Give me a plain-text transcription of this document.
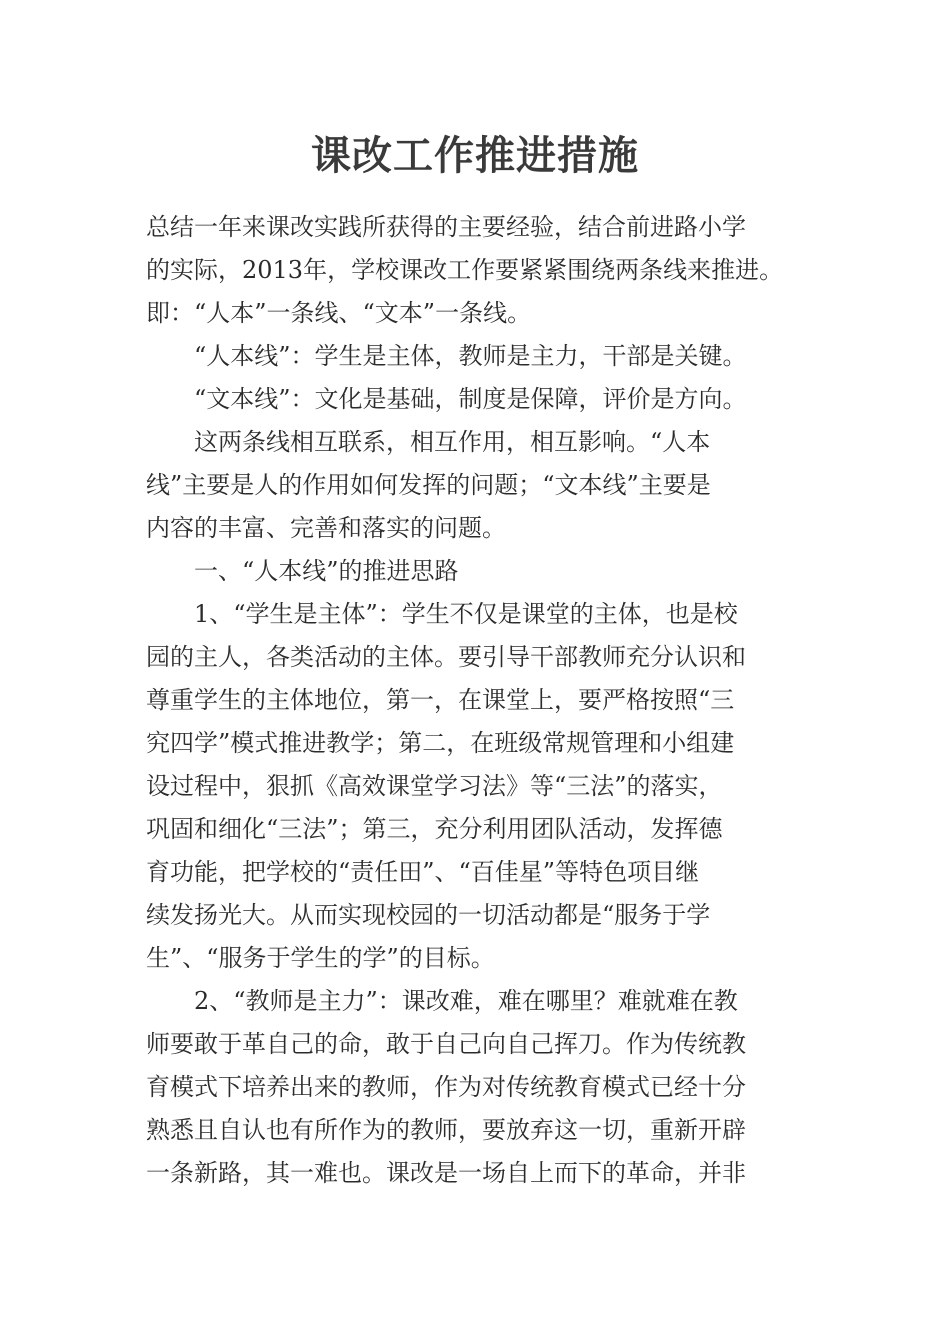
课改工作推进措施
总结一年来课改实践所获得的主要经验，结合前进路小学
的实际，2013年，学校课改工作要紧紧围绕两条线来推进。
即：“人本”一条线、“文本”一条线。
“人本线”：学生是主体，教师是主力，干部是关键。
“文本线”：文化是基础，制度是保障，评价是方向。
这两条线相互联系，相互作用，相互影响。“人本
线”主要是人的作用如何发挥的问题；“文本线”主要是
内容的丰富、完善和落实的问题。
一、“人本线”的推进思路
1、“学生是主体”：学生不仅是课堂的主体，也是校
园的主人，各类活动的主体。要引导干部教师充分认识和
尊重学生的主体地位，第一，在课堂上，要严格按照“三
究四学”模式推进教学；第二，在班级常规管理和小组建
设过程中，狠抓《高效课堂学习法》等“三法”的落实，
巩固和细化“三法”；第三，充分利用团队活动，发挥德
育功能，把学校的“责任田”、“百佳星”等特色项目继
续发扬光大。从而实现校园的一切活动都是“服务于学
生”、“服务于学生的学”的目标。
2、“教师是主力”：课改难，难在哪里？难就难在教
师要敢于革自己的命，敢于自己向自己挥刀。作为传统教
育模式下培养出来的教师，作为对传统教育模式已经十分
熟悉且自认也有所作为的教师，要放弃这一切，重新开辟
一条新路，其一难也。课改是一场自上而下的革命，并非
